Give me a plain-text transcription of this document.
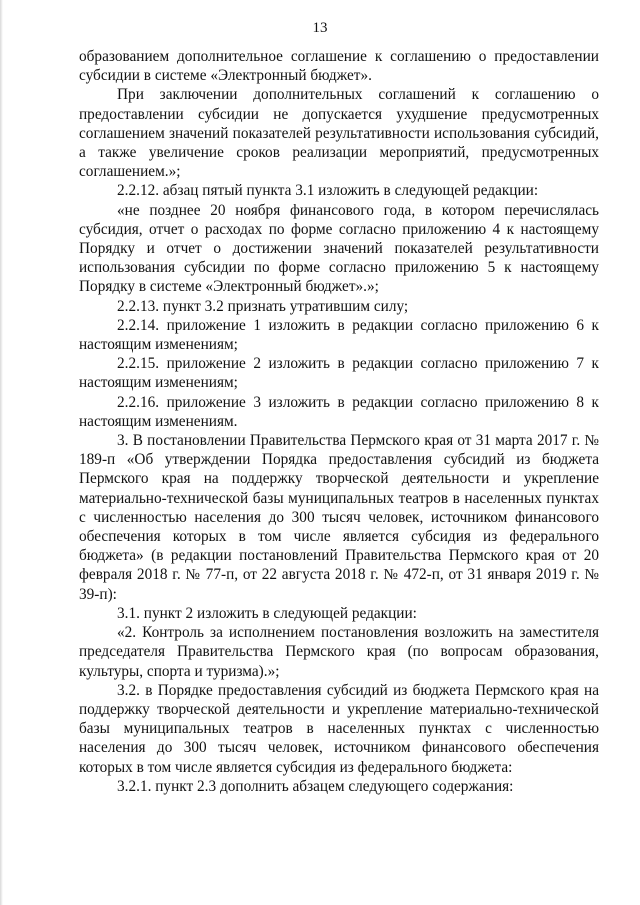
13

образованием дополнительное соглашение к соглашению о предоставлении субсидии в системе «Электронный бюджет».

При заключении дополнительных соглашений к соглашению о предоставлении субсидии не допускается ухудшение предусмотренных соглашением значений показателей результативности использования субсидий, а также увеличение сроков реализации мероприятий, предусмотренных соглашением.»;

2.2.12. абзац пятый пункта 3.1 изложить в следующей редакции:

«не позднее 20 ноября финансового года, в котором перечислялась субсидия, отчет о расходах по форме согласно приложению 4 к настоящему Порядку и отчет о достижении значений показателей результативности использования субсидии по форме согласно приложению 5 к настоящему Порядку в системе «Электронный бюджет».»;

2.2.13. пункт 3.2 признать утратившим силу;

2.2.14. приложение 1 изложить в редакции согласно приложению 6 к настоящим изменениям;

2.2.15. приложение 2 изложить в редакции согласно приложению 7 к настоящим изменениям;

2.2.16. приложение 3 изложить в редакции согласно приложению 8 к настоящим изменениям.

3. В постановлении Правительства Пермского края от 31 марта 2017 г. № 189-п «Об утверждении Порядка предоставления субсидий из бюджета Пермского края на поддержку творческой деятельности и укрепление материально-технической базы муниципальных театров в населенных пунктах с численностью населения до 300 тысяч человек, источником финансового обеспечения которых в том числе является субсидия из федерального бюджета» (в редакции постановлений Правительства Пермского края от 20 февраля 2018 г. № 77-п, от 22 августа 2018 г. № 472-п, от 31 января 2019 г. № 39-п):

3.1. пункт 2 изложить в следующей редакции:

«2. Контроль за исполнением постановления возложить на заместителя председателя Правительства Пермского края (по вопросам образования, культуры, спорта и туризма).»;

3.2. в Порядке предоставления субсидий из бюджета Пермского края на поддержку творческой деятельности и укрепление материально-технической базы муниципальных театров в населенных пунктах с численностью населения до 300 тысяч человек, источником финансового обеспечения которых в том числе является субсидия из федерального бюджета:

3.2.1. пункт 2.3 дополнить абзацем следующего содержания:
